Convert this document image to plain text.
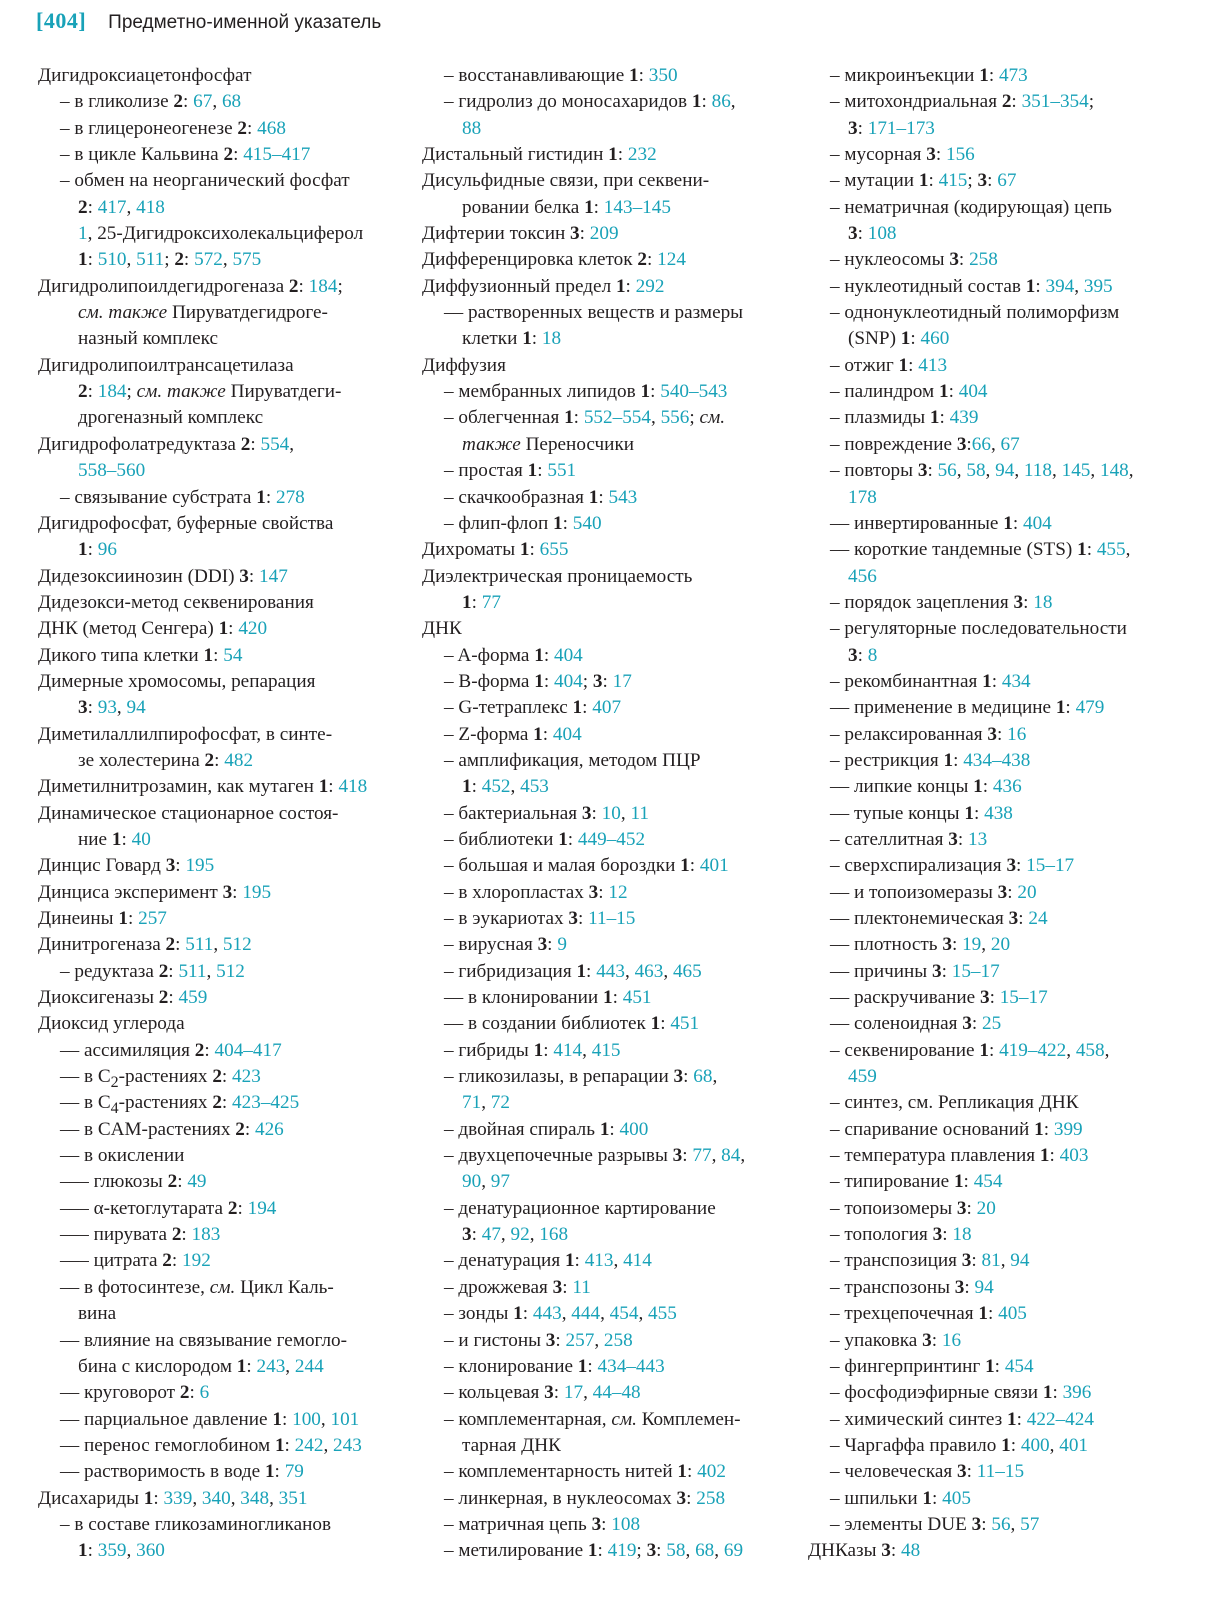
[404] Предметно-именной указатель
Дигидроксиацетонфосфат
– в гликолизе 2: 67, 68
– в глицеронеогенезе 2: 468
– в цикле Кальвина 2: 415–417
– обмен на неорганический фосфат
2: 417, 418
1, 25-Дигидроксихолекальциферол
1: 510, 511; 2: 572, 575
Дигидролипоилдегидрогеназа 2: 184;
см. также Пируватдегидроге-
назный комплекс
Дигидролипоилтрансацетилаза
2: 184; см. также Пируватдеги-
дрогеназный комплекс
Дигидрофолатредуктаза 2: 554,
558–560
– связывание субстрата 1: 278
Дигидрофосфат, буферные свойства
1: 96
Дидезоксиинозин (DDI) 3: 147
Дидезокси-метод секвенирования
ДНК (метод Сенгера) 1: 420
Дикого типа клетки 1: 54
Димерные хромосомы, репарация
3: 93, 94
Диметилаллилпирофосфат, в синте-
зе холестерина 2: 482
Диметилнитрозамин, как мутаген 1: 418
Динамическое стационарное состоя-
ние 1: 40
Динцис Говард 3: 195
Динциса эксперимент 3: 195
Динеины 1: 257
Динитрогеназа 2: 511, 512
– редуктаза 2: 511, 512
Диоксигеназы 2: 459
Диоксид углерода
–– ассимиляция 2: 404–417
–– в $C_2$-растениях 2: 423
–– в $C_4$-растениях 2: 423–425
–– в CAM-растениях 2: 426
–– в окислении
––– глюкозы 2: 49
––– α-кетоглутарата 2: 194
––– пирувата 2: 183
––– цитрата 2: 192
–– в фотосинтезе, см. Цикл Каль-
вина
–– влияние на связывание гемогло-
бина с кислородом 1: 243, 244
–– круговорот 2: 6
–– парциальное давление 1: 100, 101
–– перенос гемоглобином 1: 242, 243
–– растворимость в воде 1: 79
Дисахариды 1: 339, 340, 348, 351
– в составе гликозаминогликанов
1: 359, 360
– восстанавливающие 1: 350
– гидролиз до моносахаридов 1: 86,
88
Дистальный гистидин 1: 232
Дисульфидные связи, при секвени-
ровании белка 1: 143–145
Дифтерии токсин 3: 209
Дифференцировка клеток 2: 124
Диффузионный предел 1: 292
–– растворенных веществ и размеры
клетки 1: 18
Диффузия
– мембранных липидов 1: 540–543
– облегченная 1: 552–554, 556; см.
также Переносчики
– простая 1: 551
– скачкообразная 1: 543
– флип-флоп 1: 540
Дихроматы 1: 655
Диэлектрическая проницаемость
1: 77
ДНК
– A-форма 1: 404
– B-форма 1: 404; 3: 17
– G-тетраплекс 1: 407
– Z-форма 1: 404
– амплификация, методом ПЦР
1: 452, 453
– бактериальная 3: 10, 11
– библиотеки 1: 449–452
– большая и малая бороздки 1: 401
– в хлоропластах 3: 12
– в эукариотах 3: 11–15
– вирусная 3: 9
– гибридизация 1: 443, 463, 465
–– в клонировании 1: 451
–– в создании библиотек 1: 451
– гибриды 1: 414, 415
– гликозилазы, в репарации 3: 68,
71, 72
– двойная спираль 1: 400
– двухцепочечные разрывы 3: 77, 84,
90, 97
– денатурационное картирование
3: 47, 92, 168
– денатурация 1: 413, 414
– дрожжевая 3: 11
– зонды 1: 443, 444, 454, 455
– и гистоны 3: 257, 258
– клонирование 1: 434–443
– кольцевая 3: 17, 44–48
– комплементарная, см. Комплемен-
тарная ДНК
– комплементарность нитей 1: 402
– линкерная, в нуклеосомах 3: 258
– матричная цепь 3: 108
– метилирование 1: 419; 3: 58, 68, 69
– микроинъекции 1: 473
– митохондриальная 2: 351–354;
3: 171–173
– мусорная 3: 156
– мутации 1: 415; 3: 67
– нематричная (кодирующая) цепь
3: 108
– нуклеосомы 3: 258
– нуклеотидный состав 1: 394, 395
– однонуклеотидный полиморфизм
(SNP) 1: 460
– отжиг 1: 413
– палиндром 1: 404
– плазмиды 1: 439
– повреждение 3:66, 67
– повторы 3: 56, 58, 94, 118, 145, 148,
178
–– инвертированные 1: 404
–– короткие тандемные (STS) 1: 455,
456
– порядок зацепления 3: 18
– регуляторные последовательности
3: 8
– рекомбинантная 1: 434
–– применение в медицине 1: 479
– релаксированная 3: 16
– рестрикция 1: 434–438
–– липкие концы 1: 436
–– тупые концы 1: 438
– сателлитная 3: 13
– сверхспирализация 3: 15–17
–– и топоизомеразы 3: 20
–– плектонемическая 3: 24
–– плотность 3: 19, 20
–– причины 3: 15–17
–– раскручивание 3: 15–17
–– соленоидная 3: 25
– секвенирование 1: 419–422, 458,
459
– синтез, см. Репликация ДНК
– спаривание оснований 1: 399
– температура плавления 1: 403
– типирование 1: 454
– топоизомеры 3: 20
– топология 3: 18
– транспозиция 3: 81, 94
– транспозоны 3: 94
– трехцепочечная 1: 405
– упаковка 3: 16
– фингерпринтинг 1: 454
– фосфодиэфирные связи 1: 396
– химический синтез 1: 422–424
– Чаргаффа правило 1: 400, 401
– человеческая 3: 11–15
– шпильки 1: 405
– элементы DUE 3: 56, 57
ДНКазы 3: 48
